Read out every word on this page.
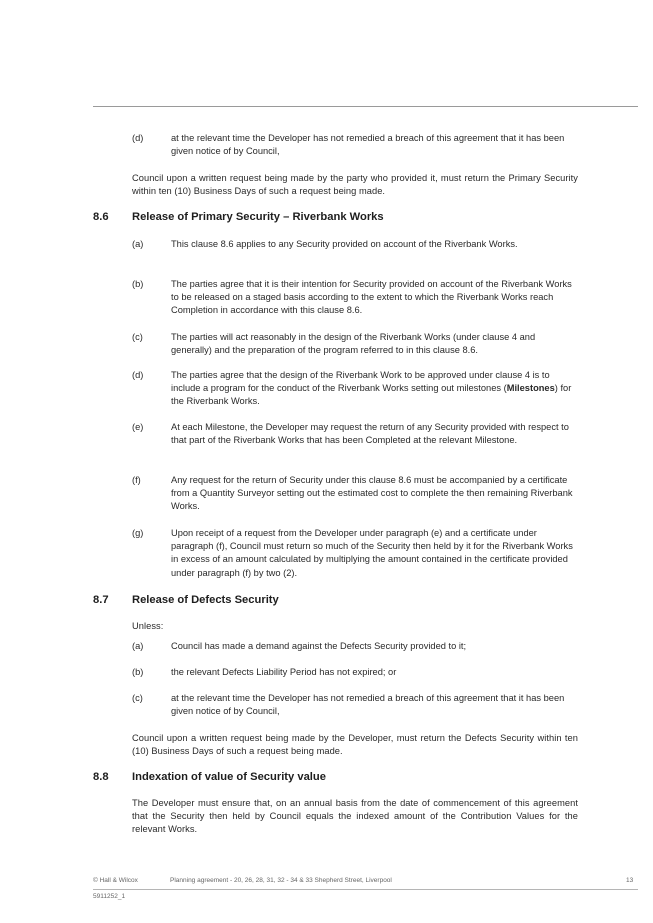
(d)	at the relevant time the Developer has not remedied a breach of this agreement that it has been given notice of by Council,
Council upon a written request being made by the party who provided it, must return the Primary Security within ten (10) Business Days of such a request being made.
8.6 Release of Primary Security – Riverbank Works
(a)	This clause 8.6 applies to any Security provided on account of the Riverbank Works.
(b)	The parties agree that it is their intention for Security provided on account of the Riverbank Works to be released on a staged basis according to the extent to which the Riverbank Works reach Completion in accordance with this clause 8.6.
(c)	The parties will act reasonably in the design of the Riverbank Works (under clause 4 and generally) and the preparation of the program referred to in this clause 8.6.
(d)	The parties agree that the design of the Riverbank Work to be approved under clause 4 is to include a program for the conduct of the Riverbank Works setting out milestones (Milestones) for the Riverbank Works.
(e)	At each Milestone, the Developer may request the return of any Security provided with respect to that part of the Riverbank Works that has been Completed at the relevant Milestone.
(f)	Any request for the return of Security under this clause 8.6 must be accompanied by a certificate from a Quantity Surveyor setting out the estimated cost to complete the then remaining Riverbank Works.
(g)	Upon receipt of a request from the Developer under paragraph (e) and a certificate under paragraph (f), Council must return so much of the Security then held by it for the Riverbank Works in excess of an amount calculated by multiplying the amount contained in the certificate provided under paragraph (f) by two (2).
8.7 Release of Defects Security
Unless:
(a)	Council has made a demand against the Defects Security provided to it;
(b)	the relevant Defects Liability Period has not expired; or
(c)	at the relevant time the Developer has not remedied a breach of this agreement that it has been given notice of by Council,
Council upon a written request being made by the Developer, must return the Defects Security within ten (10) Business Days of such a request being made.
8.8 Indexation of value of Security value
The Developer must ensure that, on an annual basis from the date of commencement of this agreement that the Security then held by Council equals the indexed amount of the Contribution Values for the relevant Works.
© Hall & Wilcox	Planning agreement - 20, 26, 28, 31, 32 - 34 & 33 Shepherd Street, Liverpool	13
5911252_1
